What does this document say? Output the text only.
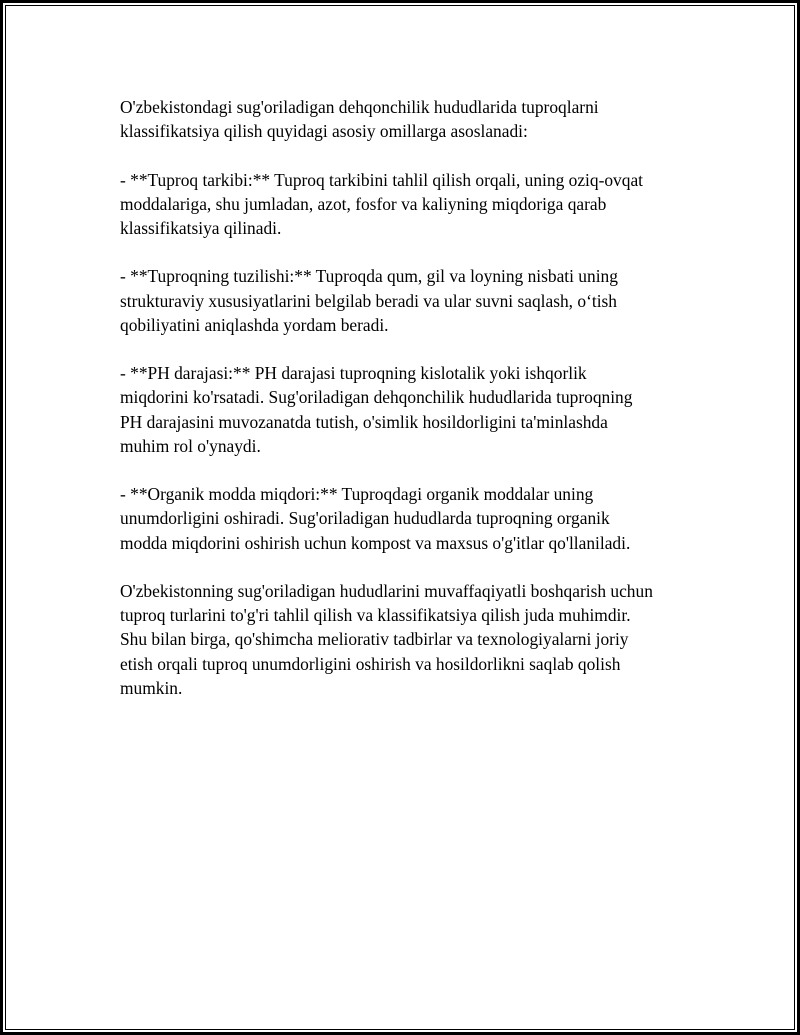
O'zbekistondagi sug'oriladigan dehqonchilik hududlarida tuproqlarni
klassifikatsiya qilish quyidagi asosiy omillarga asoslanadi:

- **Tuproq tarkibi:** Tuproq tarkibini tahlil qilish orqali, uning oziq-ovqat
moddalariga, shu jumladan, azot, fosfor va kaliyning miqdoriga qarab
klassifikatsiya qilinadi.

- **Tuproqning tuzilishi:** Tuproqda qum, gil va loyning nisbati uning
strukturaviy xususiyatlarini belgilab beradi va ular suvni saqlash, o‘tish
qobiliyatini aniqlashda yordam beradi.

- **PH darajasi:** PH darajasi tuproqning kislotalik yoki ishqorlik
miqdorini ko'rsatadi. Sug'oriladigan dehqonchilik hududlarida tuproqning
PH darajasini muvozanatda tutish, o'simlik hosildorligini ta'minlashda
muhim rol o'ynaydi.

- **Organik modda miqdori:** Tuproqdagi organik moddalar uning
unumdorligini oshiradi. Sug'oriladigan hududlarda tuproqning organik
modda miqdorini oshirish uchun kompost va maxsus o'g'itlar qo'llaniladi.

O'zbekistonning sug'oriladigan hududlarini muvaffaqiyatli boshqarish uchun
tuproq turlarini to'g'ri tahlil qilish va klassifikatsiya qilish juda muhimdir.
Shu bilan birga, qo'shimcha meliorativ tadbirlar va texnologiyalarni joriy
etish orqali tuproq unumdorligini oshirish va hosildorlikni saqlab qolish
mumkin.
